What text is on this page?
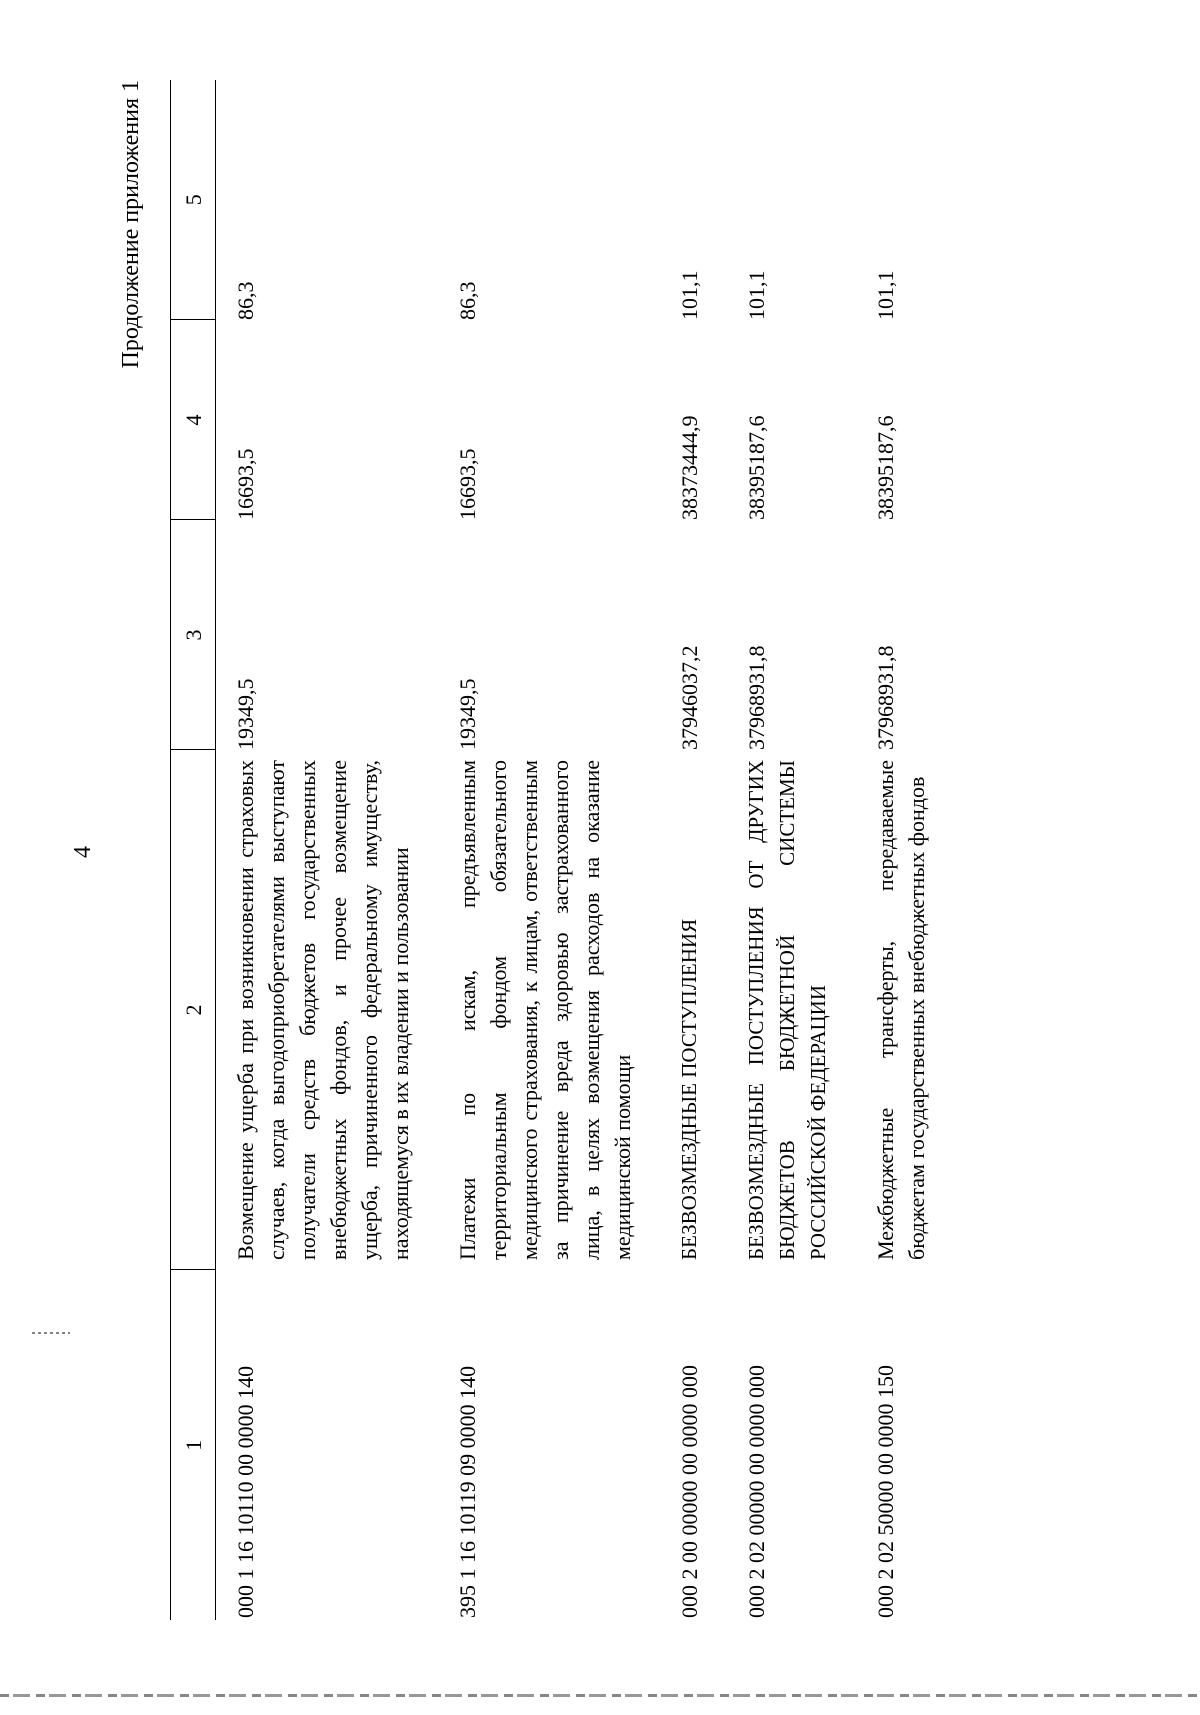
4
Продолжение приложения 1
1	2	3	4	5
000 1 16 10110 00 0000 140	Возмещение ущерба при возникновении страховых случаев, когда выгодоприобретателями выступают получатели средств бюджетов государственных внебюджетных фондов, и прочее возмещение ущерба, причиненного федеральному имуществу, находящемуся в их владении и пользовании	19349,5	16693,5	86,3
395 1 16 10119 09 0000 140	Платежи по искам, предъявленным территориальным фондом обязательного медицинского страхования, к лицам, ответственным за причинение вреда здоровью застрахованного лица, в целях возмещения расходов на оказание медицинской помощи	19349,5	16693,5	86,3
000 2 00 00000 00 0000 000	БЕЗВОЗМЕЗДНЫЕ ПОСТУПЛЕНИЯ	37946037,2	38373444,9	101,1
000 2 02 00000 00 0000 000	БЕЗВОЗМЕЗДНЫЕ ПОСТУПЛЕНИЯ ОТ ДРУГИХ БЮДЖЕТОВ БЮДЖЕТНОЙ СИСТЕМЫ РОССИЙСКОЙ ФЕДЕРАЦИИ	37968931,8	38395187,6	101,1
000 2 02 50000 00 0000 150	Межбюджетные трансферты, передаваемые бюджетам государственных внебюджетных фондов	37968931,8	38395187,6	101,1
